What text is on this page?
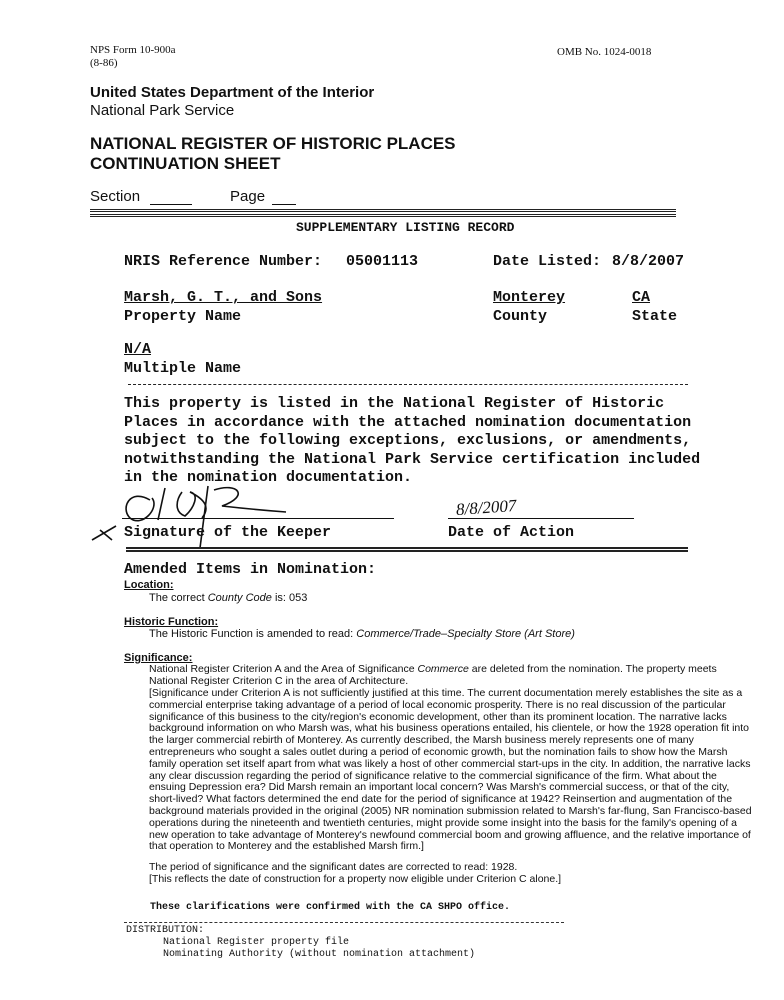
NPS Form 10-900a
(8-86)
OMB No. 1024-0018
United States Department of the Interior
National Park Service
NATIONAL REGISTER OF HISTORIC PLACES
CONTINUATION SHEET
Section	Page
SUPPLEMENTARY LISTING RECORD
NRIS Reference Number: 05001113	Date Listed: 8/8/2007
Marsh, G. T., and Sons
Property Name
Monterey
County
CA
State
N/A
Multiple Name
This property is listed in the National Register of Historic Places in accordance with the attached nomination documentation subject to the following exceptions, exclusions, or amendments, notwithstanding the National Park Service certification included in the nomination documentation.
Signature of the Keeper
8/8/2007
Date of Action
Amended Items in Nomination:
Location:
The correct County Code is: 053
Historic Function:
The Historic Function is amended to read: Commerce/Trade–Specialty Store (Art Store)
Significance:
National Register Criterion A and the Area of Significance Commerce are deleted from the nomination. The property meets National Register Criterion C in the area of Architecture.
[Significance under Criterion A is not sufficiently justified at this time. The current documentation merely establishes the site as a commercial enterprise taking advantage of a period of local economic prosperity. There is no real discussion of the particular significance of this business to the city/region's economic development, other than its prominent location. The narrative lacks background information on who Marsh was, what his business operations entailed, his clientele, or how the 1928 operation fit into the larger commercial rebirth of Monterey. As currently described, the Marsh business merely represents one of many entrepreneurs who sought a sales outlet during a period of economic growth, but the nomination fails to show how the Marsh family operation set itself apart from what was likely a host of other commercial start-ups in the city. In addition, the narrative lacks any clear discussion regarding the period of significance relative to the commercial significance of the firm. What about the ensuing Depression era? Did Marsh remain an important local concern? Was Marsh's commercial success, or that of the city, short-lived? What factors determined the end date for the period of significance at 1942? Reinsertion and augmentation of the background materials provided in the original (2005) NR nomination submission related to Marsh's far-flung, San Francisco-based operations during the nineteenth and twentieth centuries, might provide some insight into the basis for the family's opening of a new operation to take advantage of Monterey's newfound commercial boom and growing affluence, and the relative importance of that operation to Monterey and the established Marsh firm.]
The period of significance and the significant dates are corrected to read: 1928.
[This reflects the date of construction for a property now eligible under Criterion C alone.]
These clarifications were confirmed with the CA SHPO office.
DISTRIBUTION:
National Register property file
Nominating Authority (without nomination attachment)
